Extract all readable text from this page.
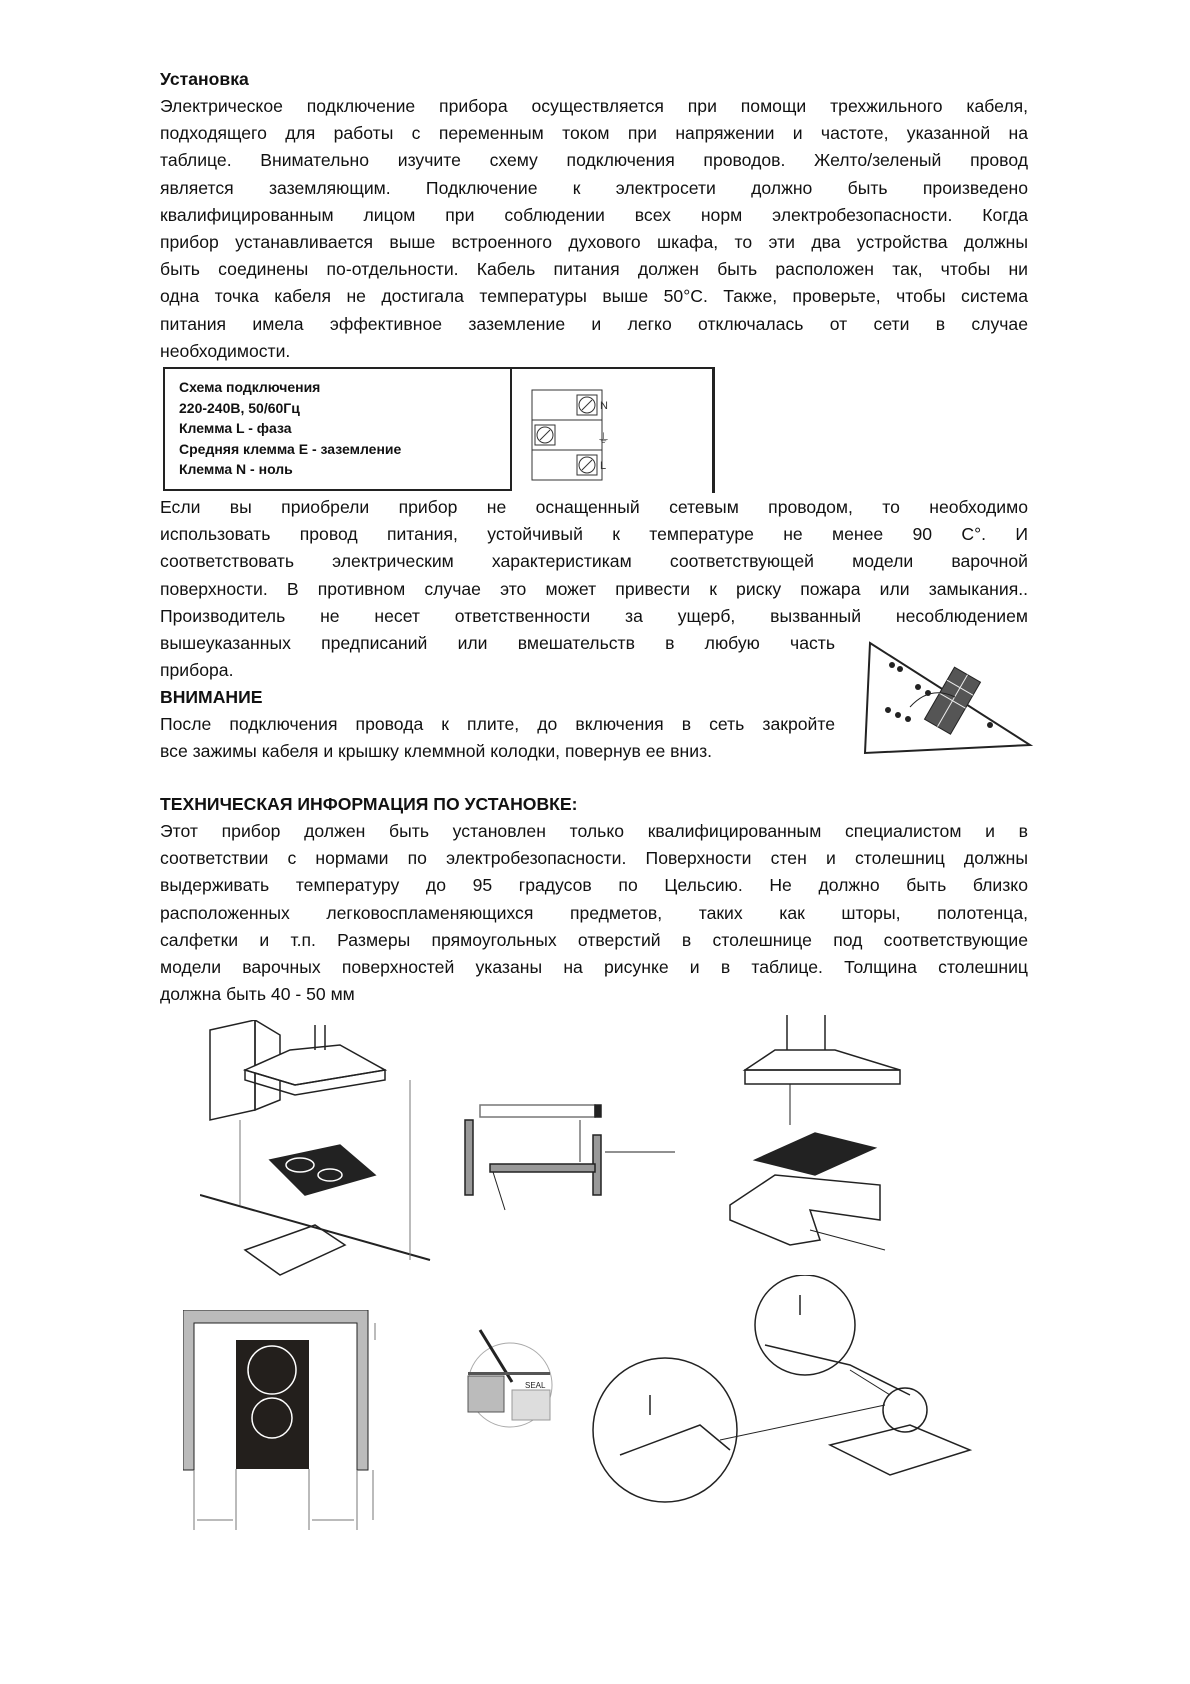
Установка
Электрическое подключение прибора осуществляется при помощи трехжильного кабеля,
подходящего для работы с переменным током при напряжении и частоте, указанной на
таблице. Внимательно изучите схему подключения проводов. Желто/зеленый провод
является заземляющим. Подключение к электросети должно быть произведено
квалифицированным лицом при соблюдении всех норм электробезопасности. Когда
прибор устанавливается выше встроенного духового шкафа, то эти два устройства должны
быть соединены по-отдельности. Кабель питания должен быть расположен так, чтобы ни
одна точка кабеля не достигала температуры выше 50°C. Также, проверьте, чтобы система
питания имела эффективное заземление и легко отключалась от сети в случае
необходимости.
Схема подключения
220-240В, 50/60Гц
Клемма L - фаза
Средняя клемма E - заземление
Клемма N - ноль
N
⏚
L
Если вы приобрели прибор не оснащенный сетевым проводом, то необходимо
использовать провод питания, устойчивый к температуре не менее 90 С°. И
соответствовать электрическим характеристикам соответствующей модели варочной
поверхности. В противном случае это может привести к риску пожара или замыкания..
Производитель не несет ответственности за ущерб, вызванный несоблюдением
вышеуказанных предписаний или вмешательств в любую часть
прибора.
ВНИМАНИЕ
После подключения провода к плите, до включения в сеть закройте
все зажимы кабеля и крышку клеммной колодки, повернув ее вниз.
ТЕХНИЧЕСКАЯ ИНФОРМАЦИЯ ПО УСТАНОВКЕ:
Этот прибор должен быть установлен только квалифицированным специалистом и в
соответствии с нормами по электробезопасности. Поверхности стен и столешниц должны
выдерживать температуру до 95 градусов по Цельсию. Не должно быть близко
расположенных легковоспламеняющихся предметов, таких как шторы, полотенца,
салфетки и т.п. Размеры прямоугольных отверстий в столешнице под соответствующие
модели варочных поверхностей указаны на рисунке и в таблице. Толщина столешниц
должна быть 40 - 50 мм
SEAL
